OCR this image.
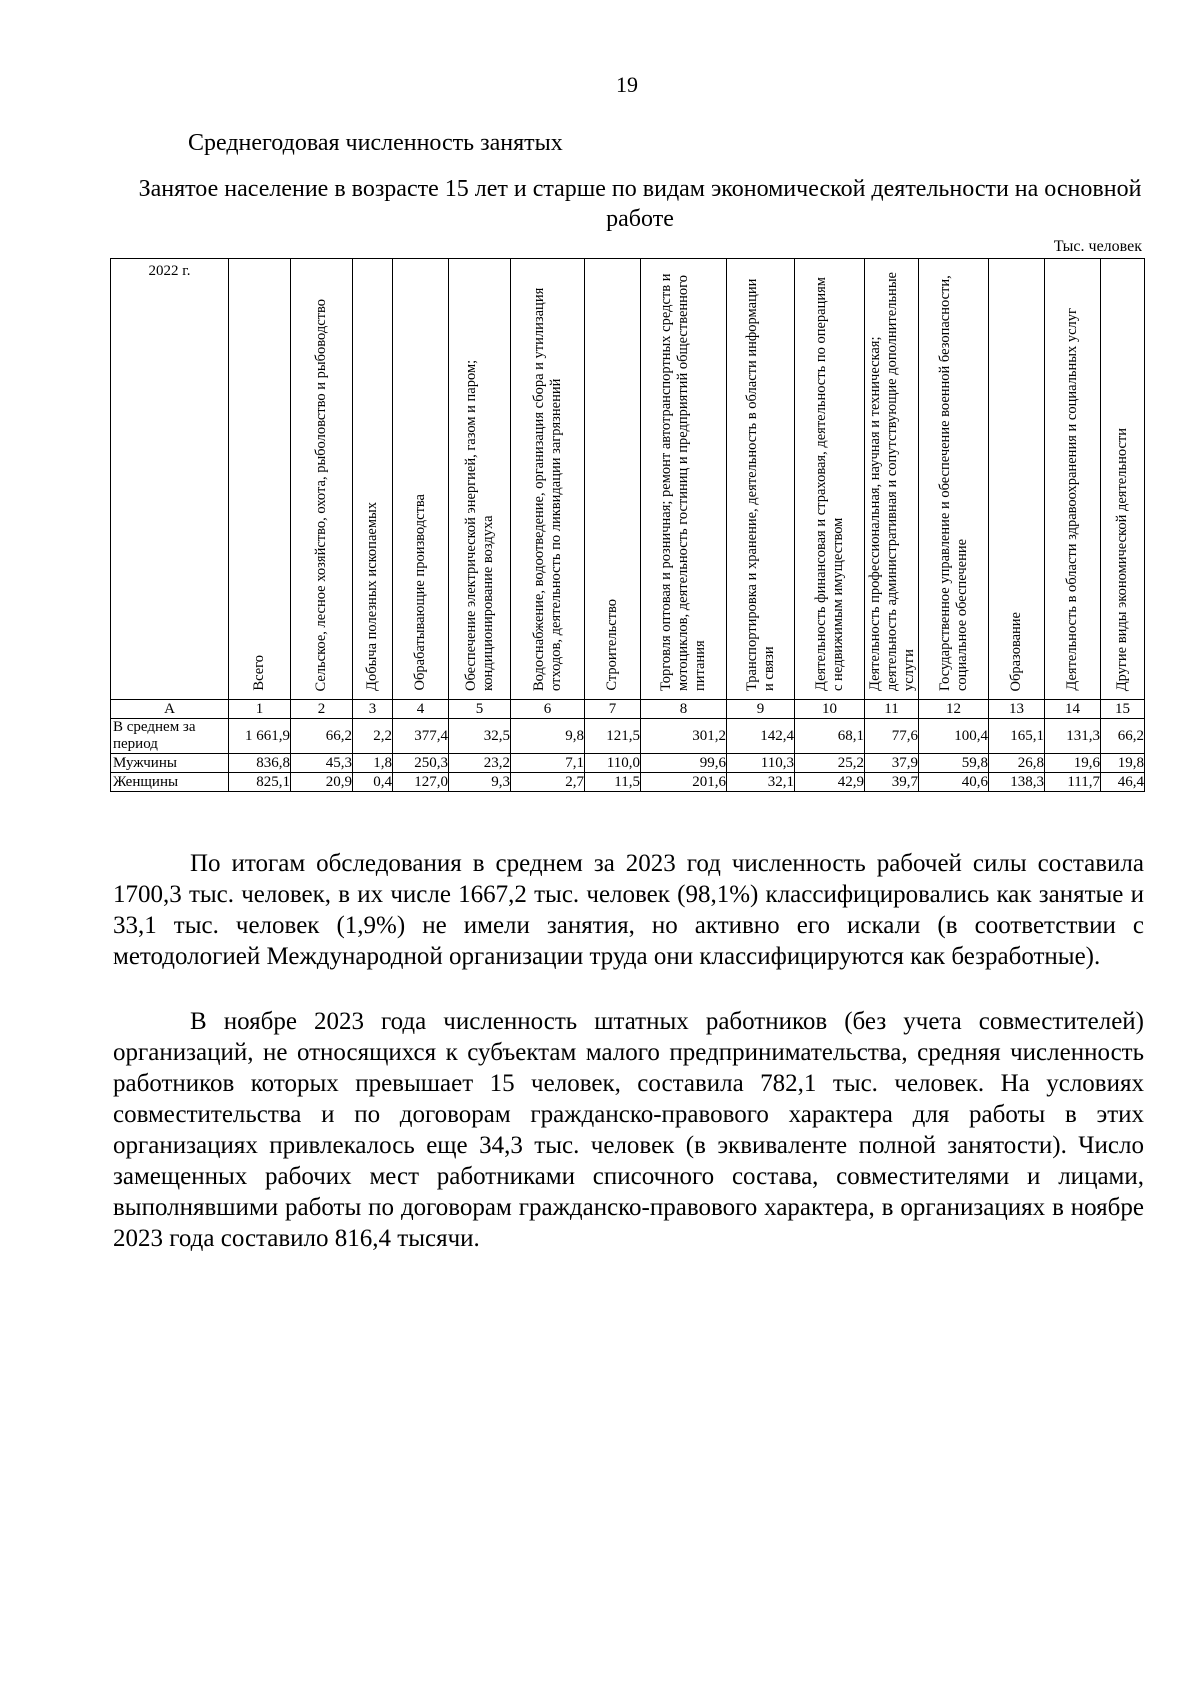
19
Среднегодовая численность занятых
Занятое население в возрасте 15 лет и старше по видам экономической деятельности на основной работе
Тыс. человек
2022 г.	Всего	Сельское, лесное хозяйство, охота, рыболовство и рыбоводство	Добыча полезных ископаемых	Обрабатывающие производства	Обеспечение электрической энергией, газом и паром; кондиционирование воздуха	Водоснабжение, водоотведение, организация сбора и утилизация отходов, деятельность по ликвидации загрязнений	Строительство	Торговля оптовая и розничная; ремонт автотранспортных средств и мотоциклов, деятельность гостиниц и предприятий общественного питания	Транспортировка и хранение, деятельность в области информации и связи	Деятельность финансовая и страховая, деятельность по операциям с недвижимым имуществом	Деятельность профессиональная, научная и техническая; деятельность административная и сопутствующие дополнительные услуги	Государственное управление и обеспечение военной безопасности, социальное обеспечение	Образование	Деятельность в области здравоохранения и социальных услуг	Другие виды экономической деятельности

А	1	2	3	4	5	6	7	8	9	10	11	12	13	14	15
В среднем за период	1 661,9	66,2	2,2	377,4	32,5	9,8	121,5	301,2	142,4	68,1	77,6	100,4	165,1	131,3	66,2
Мужчины	836,8	45,3	1,8	250,3	23,2	7,1	110,0	99,6	110,3	25,2	37,9	59,8	26,8	19,6	19,8
Женщины	825,1	20,9	0,4	127,0	9,3	2,7	11,5	201,6	32,1	42,9	39,7	40,6	138,3	111,7	46,4

По итогам обследования в среднем за 2023 год численность рабочей силы составила 1700,3 тыс. человек, в их числе 1667,2 тыс. человек (98,1%) классифицировались как занятые и 33,1 тыс. человек (1,9%) не имели занятия, но активно его искали (в соответствии с методологией Международной организации труда они классифицируются как безработные).

В ноябре 2023 года численность штатных работников (без учета совместителей) организаций, не относящихся к субъектам малого предпринимательства, средняя численность работников которых превышает 15 человек, составила 782,1 тыс. человек. На условиях совместительства и по договорам гражданско-правового характера для работы в этих организациях привлекалось еще 34,3 тыс. человек (в эквиваленте полной занятости). Число замещенных рабочих мест работниками списочного состава, совместителями и лицами, выполнявшими работы по договорам гражданско-правового характера, в организациях в ноябре 2023 года составило 816,4 тысячи.
